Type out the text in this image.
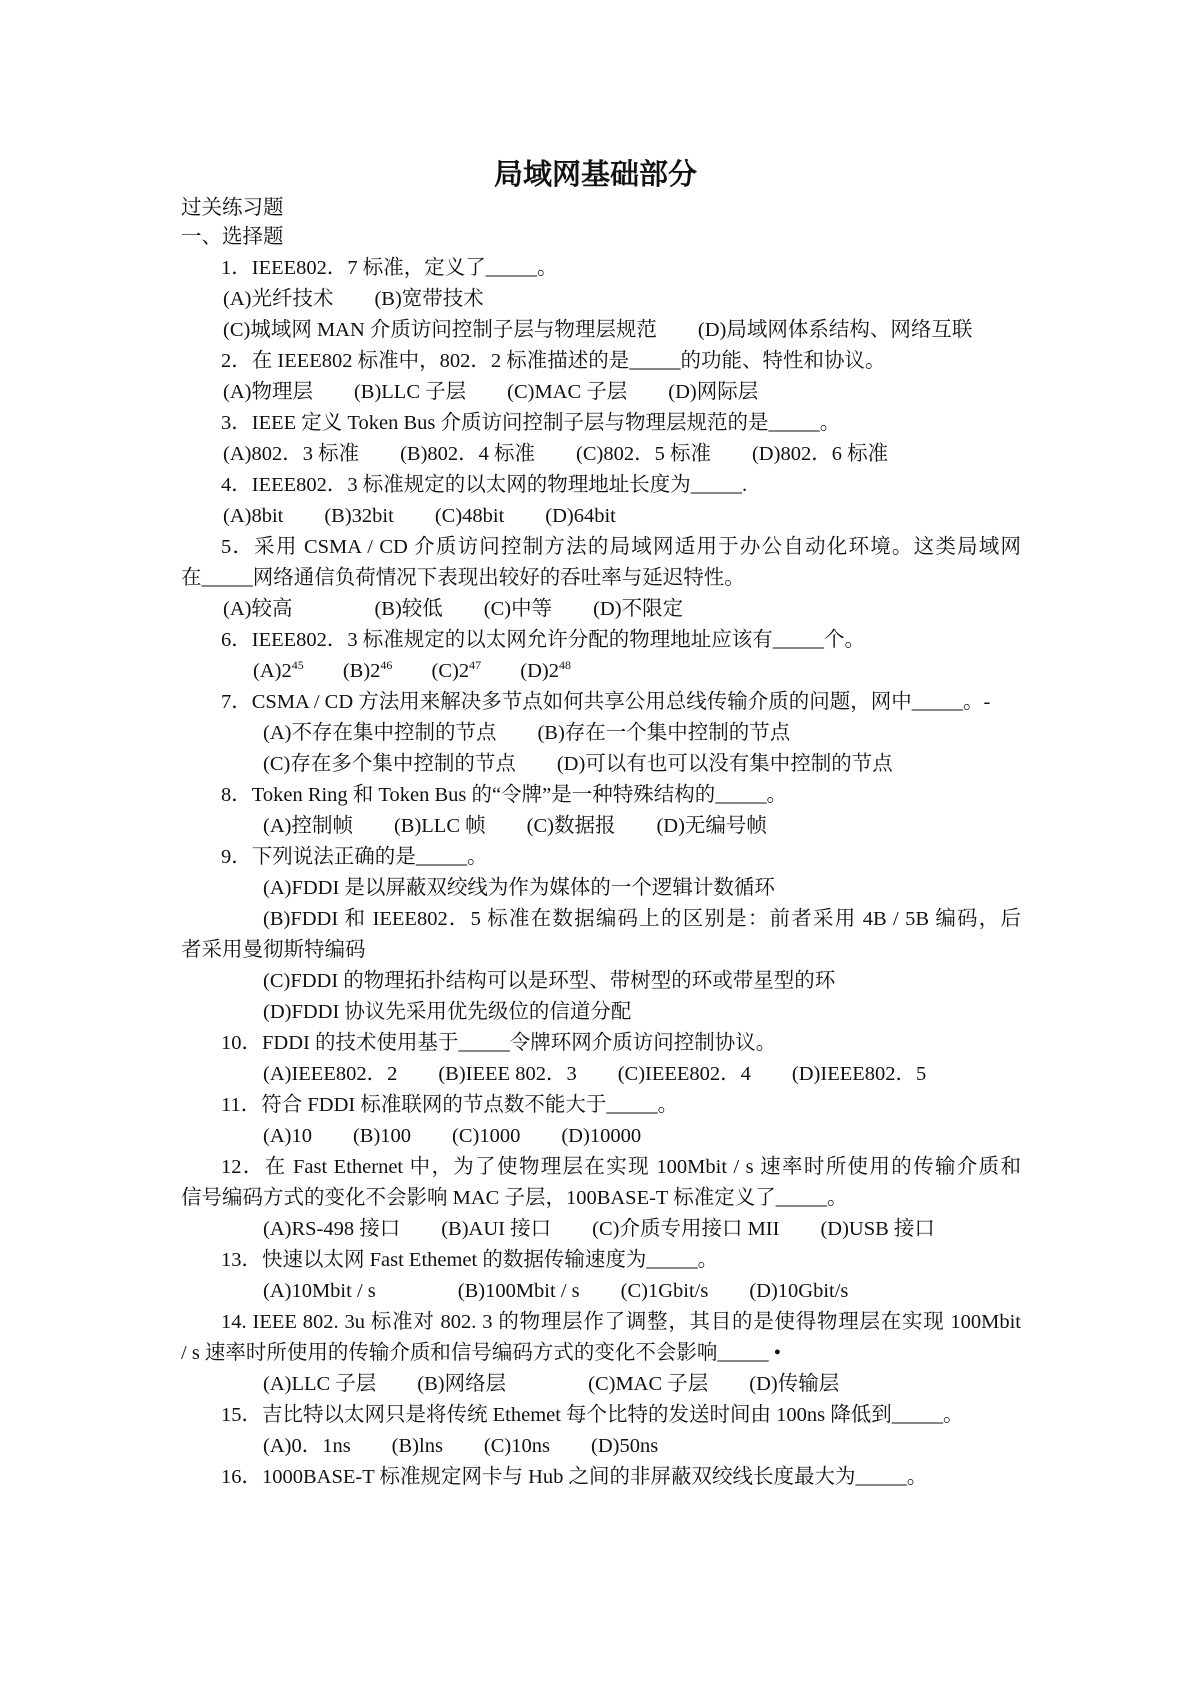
局域网基础部分
过关练习题
一、选择题
1．IEEE802．7 标准，定义了_____。
(A)光纤技术　　(B)宽带技术
(C)城域网 MAN 介质访问控制子层与物理层规范　　(D)局域网体系结构、网络互联
2．在 IEEE802 标准中，802．2 标准描述的是_____的功能、特性和协议。
(A)物理层　　(B)LLC 子层　　(C)MAC 子层　　(D)网际层
3．IEEE 定义 Token Bus 介质访问控制子层与物理层规范的是_____。
(A)802．3 标准　　(B)802．4 标准　　(C)802．5 标准　　(D)802．6 标准
4．IEEE802．3 标准规定的以太网的物理地址长度为_____.
(A)8bit　　(B)32bit　　(C)48bit　　(D)64bit
5．采用 CSMA / CD 介质访问控制方法的局域网适用于办公自动化环境。这类局域网
在_____网络通信负荷情况下表现出较好的吞吐率与延迟特性。
(A)较高　　　　(B)较低　　(C)中等　　(D)不限定
6．IEEE802．3 标准规定的以太网允许分配的物理地址应该有_____个。
$(A)2^{45}$ $(B)2^{46}$ $(C)2^{47}$ $(D)2^{48}$
7．CSMA / CD 方法用来解决多节点如何共享公用总线传输介质的问题，网中_____。-
(A)不存在集中控制的节点　　(B)存在一个集中控制的节点
(C)存在多个集中控制的节点　　(D)可以有也可以没有集中控制的节点
8．Token Ring 和 Token Bus 的“令牌”是一种特殊结构的_____。
(A)控制帧　　(B)LLC 帧　　(C)数据报　　(D)无编号帧
9．下列说法正确的是_____。
(A)FDDI 是以屏蔽双绞线为作为媒体的一个逻辑计数循环
(B)FDDI 和 IEEE802．5 标准在数据编码上的区别是：前者采用 4B / 5B 编码，后
者采用曼彻斯特编码
(C)FDDI 的物理拓扑结构可以是环型、带树型的环或带星型的环
(D)FDDI 协议先采用优先级位的信道分配
10．FDDI 的技术使用基于_____令牌环网介质访问控制协议。
(A)IEEE802．2　　(B)IEEE 802．3　　(C)IEEE802．4　　(D)IEEE802．5
11．符合 FDDI 标准联网的节点数不能大于_____。
(A)10　　(B)100　　(C)1000　　(D)10000
12．在 Fast Ethernet 中，为了使物理层在实现 100Mbit / s 速率时所使用的传输介质和
信号编码方式的变化不会影响 MAC 子层，100BASE-T 标准定义了_____。
(A)RS-498 接口　　(B)AUI 接口　　(C)介质专用接口 MII　　(D)USB 接口
13．快速以太网 Fast Ethemet 的数据传输速度为_____。
(A)10Mbit / s　　　　(B)100Mbit / s　　(C)1Gbit/s　　(D)10Gbit/s
14. IEEE 802. 3u 标准对 802. 3 的物理层作了调整，其目的是使得物理层在实现 100Mbit
/ s 速率时所使用的传输介质和信号编码方式的变化不会影响_____ •
(A)LLC 子层　　(B)网络层　　　　(C)MAC 子层　　(D)传输层
15．吉比特以太网只是将传统 Ethemet 每个比特的发送时间由 100ns 降低到_____。
(A)0．1ns　　(B)lns　　(C)10ns　　(D)50ns
16．1000BASE-T 标准规定网卡与 Hub 之间的非屏蔽双绞线长度最大为_____。
